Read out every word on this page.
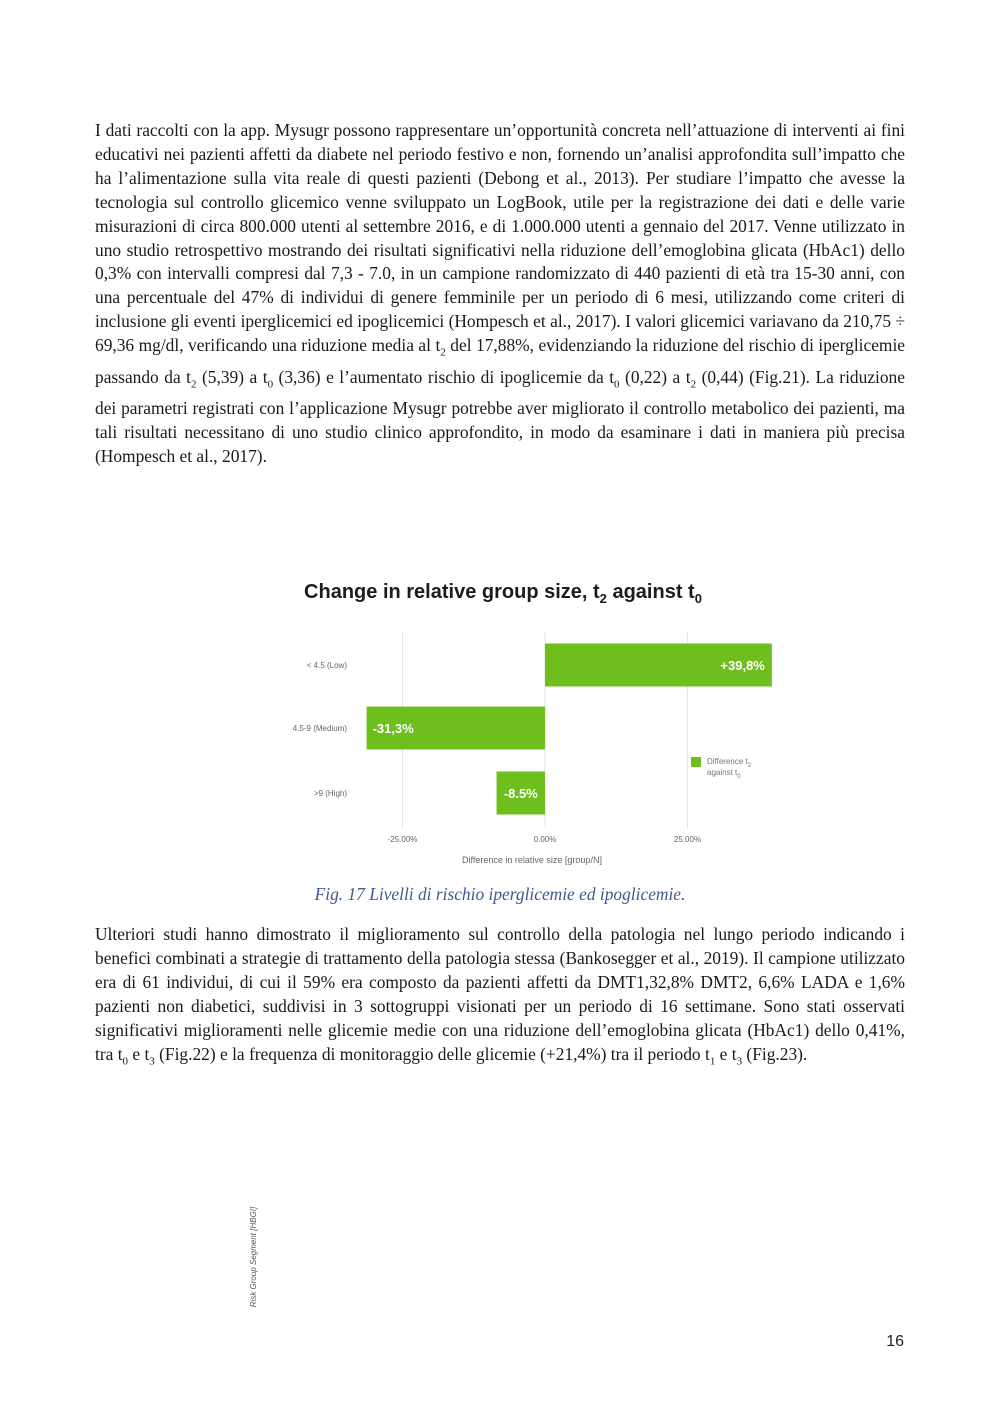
I dati raccolti con la app. Mysugr possono rappresentare un’opportunità concreta nell’attuazione di interventi ai fini educativi nei pazienti affetti da diabete nel periodo festivo e non, fornendo un’analisi approfondita sull’impatto che ha l’alimentazione sulla vita reale di questi pazienti (Debong et al., 2013). Per studiare l’impatto che avesse la tecnologia sul controllo glicemico venne sviluppato un LogBook, utile per la registrazione dei dati e delle varie misurazioni di circa 800.000 utenti al settembre 2016, e di 1.000.000 utenti a gennaio del 2017. Venne utilizzato in uno studio retrospettivo mostrando dei risultati significativi nella riduzione dell’emoglobina glicata (HbAc1) dello 0,3% con intervalli compresi dal 7,3 - 7.0, in un campione randomizzato di 440 pazienti di età tra 15-30 anni, con una percentuale del 47% di individui di genere femminile per un periodo di 6 mesi, utilizzando come criteri di inclusione gli eventi iperglicemici ed ipoglicemici (Hompesch et al., 2017). I valori glicemici variavano da 210,75 ÷ 69,36 mg/dl, verificando una riduzione media al $t_2$ del 17,88%, evidenziando la riduzione del rischio di iperglicemie passando da $t_2$ (5,39) a $t_0$ (3,36) e l’aumentato rischio di ipoglicemie da $t_0$ (0,22) a $t_2$ (0,44) (Fig.21). La riduzione dei parametri registrati con l’applicazione Mysugr potrebbe aver migliorato il controllo metabolico dei pazienti, ma tali risultati necessitano di uno studio clinico approfondito, in modo da esaminare i dati in maniera più precisa (Hompesch et al., 2017).

Change in relative group size, $t_2$ against $t_0$
+39,8%
-31,3%
-8.5%
< 4.5 (Low)
4.5-9 (Medium)
>9 (High)
-25.00%	0.00%	25.00%
Risk Group Segment [HBGI]
Difference in relative size [group/N]
Difference $t_2$
against $t_0$
Fig. 17 Livelli di rischio iperglicemie ed ipoglicemie.

Ulteriori studi hanno dimostrato il miglioramento sul controllo della patologia nel lungo periodo indicando i benefici combinati a strategie di trattamento della patologia stessa (Bankosegger et al., 2019). Il campione utilizzato era di 61 individui, di cui il 59% era composto da pazienti affetti da DMT1,32,8% DMT2, 6,6% LADA e 1,6% pazienti non diabetici, suddivisi in 3 sottogruppi visionati per un periodo di 16 settimane. Sono stati osservati significativi miglioramenti nelle glicemie medie con una riduzione dell’emoglobina glicata (HbAc1) dello 0,41%, tra $t_0$ e $t_3$ (Fig.22) e la frequenza di monitoraggio delle glicemie (+21,4%) tra il periodo $t_1$ e $t_3$ (Fig.23).

16
